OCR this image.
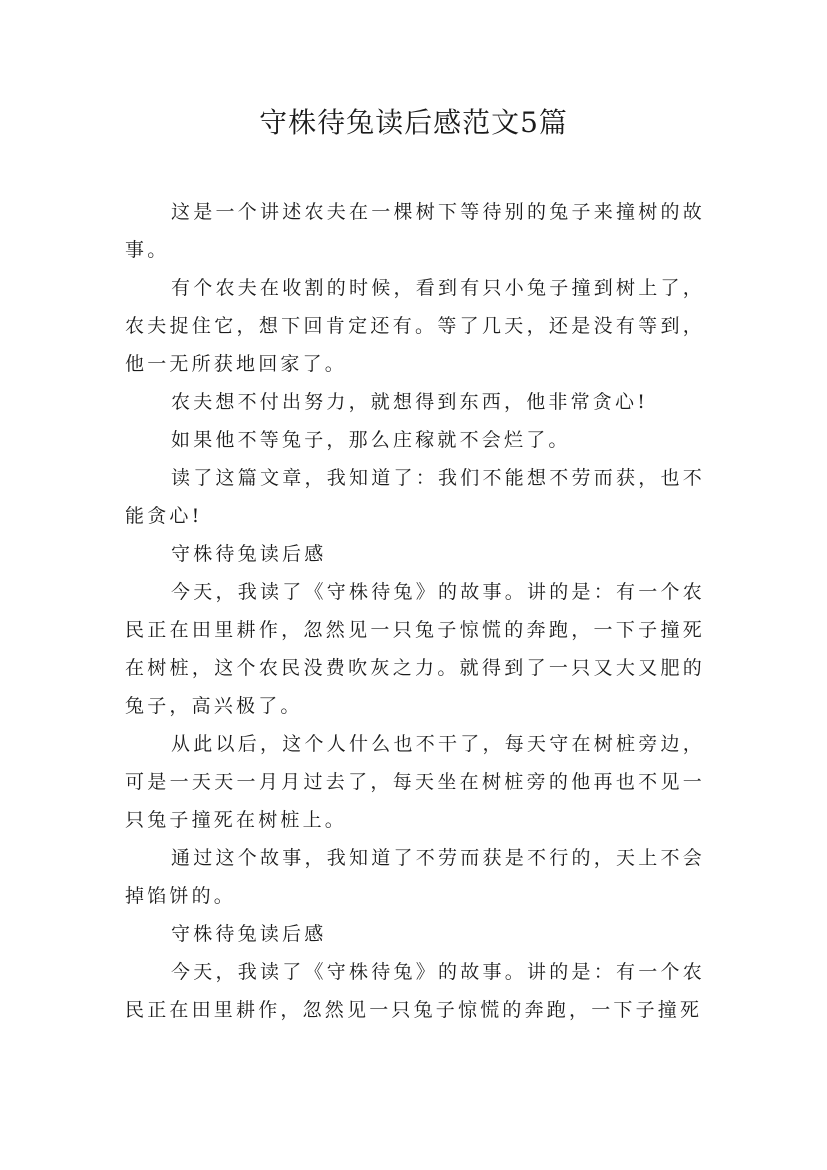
守株待兔读后感范文5篇

这是一个讲述农夫在一棵树下等待别的兔子来撞树的故事。

有个农夫在收割的时候，看到有只小兔子撞到树上了，农夫捉住它，想下回肯定还有。等了几天，还是没有等到，他一无所获地回家了。

农夫想不付出努力，就想得到东西，他非常贪心!

如果他不等兔子，那么庄稼就不会烂了。

读了这篇文章，我知道了：我们不能想不劳而获，也不能贪心!

守株待兔读后感

今天，我读了《守株待兔》的故事。讲的是：有一个农民正在田里耕作，忽然见一只兔子惊慌的奔跑，一下子撞死在树桩，这个农民没费吹灰之力。就得到了一只又大又肥的兔子，高兴极了。

从此以后，这个人什么也不干了，每天守在树桩旁边，可是一天天一月月过去了，每天坐在树桩旁的他再也不见一只兔子撞死在树桩上。

通过这个故事，我知道了不劳而获是不行的，天上不会掉馅饼的。

守株待兔读后感

今天，我读了《守株待兔》的故事。讲的是：有一个农民正在田里耕作，忽然见一只兔子惊慌的奔跑，一下子撞死
